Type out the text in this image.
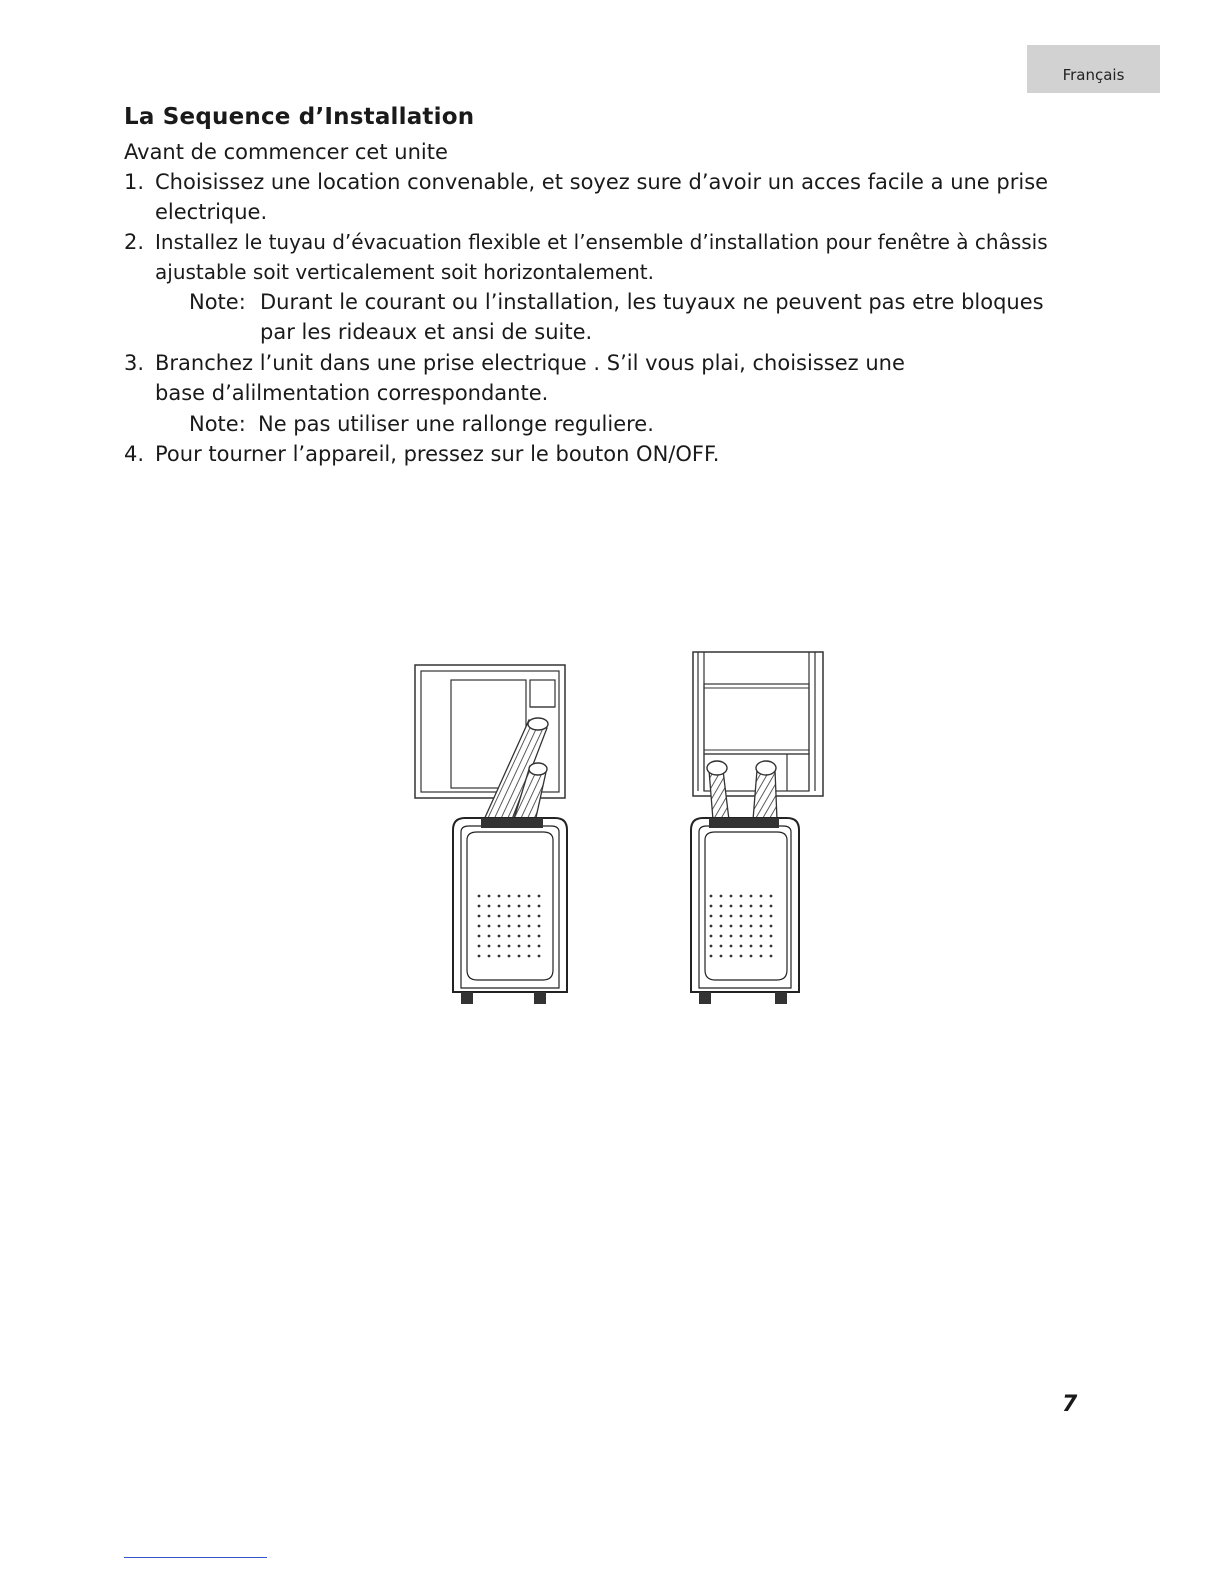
Français
La Sequence d’Installation
Avant de commencer cet unite
1. Choisissez une location convenable, et soyez sure d’avoir un acces facile a une prise
electrique.
2. Installez le tuyau d’évacuation flexible et l’ensemble d’installation pour fenêtre à châssis
ajustable soit verticalement soit horizontalement.
Note: Durant le courant ou l’installation, les tuyaux ne peuvent pas etre bloques
par les rideaux et ansi de suite.
3. Branchez l’unit dans une prise electrique . S’il vous plai, choisissez une
base d’alilmentation correspondante.
Note: Ne pas utiliser une rallonge reguliere.
4. Pour tourner l’appareil, pressez sur le bouton ON/OFF.
7
